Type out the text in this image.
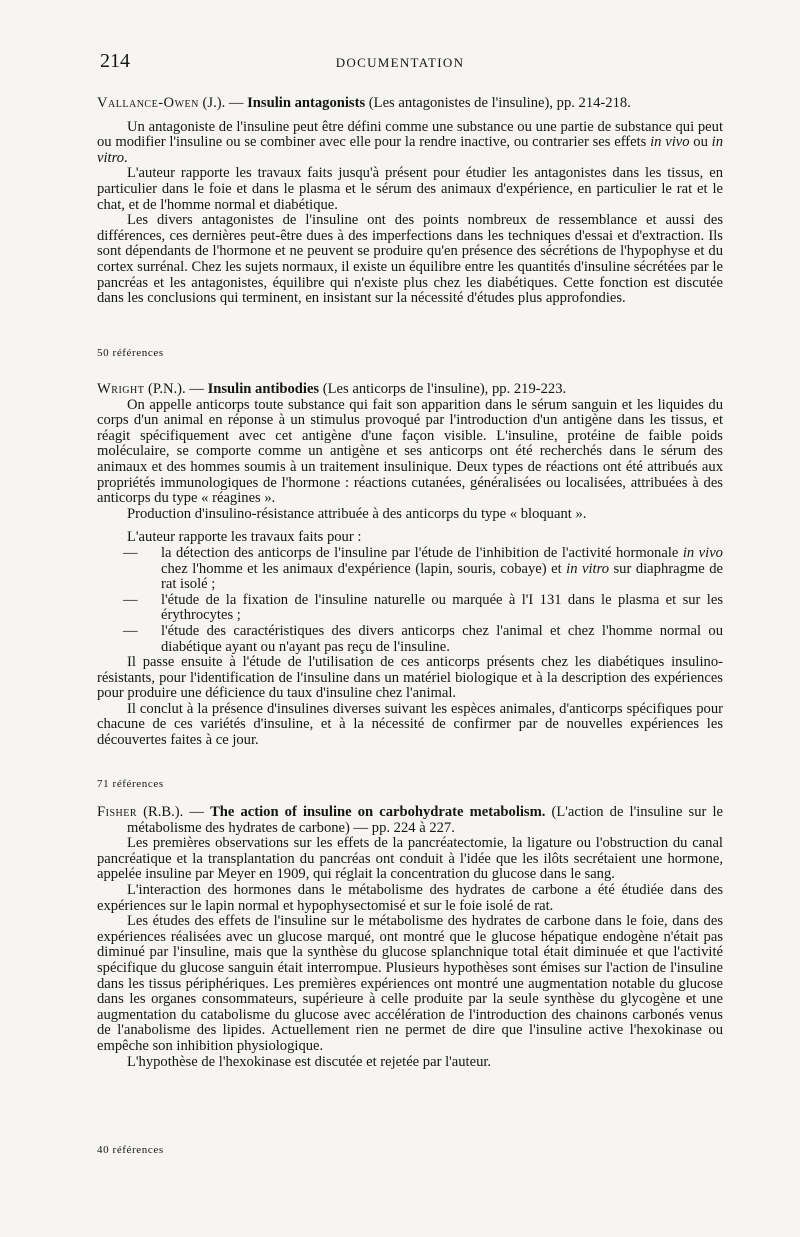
214	DOCUMENTATION

Vallance-Owen (J.). — Insulin antagonists (Les antagonistes de l'insuline), pp. 214-218.

Un antagoniste de l'insuline peut être défini comme une substance ou une partie de substance qui peut ou modifier l'insuline ou se combiner avec elle pour la rendre inactive, ou contrarier ses effets in vivo ou in vitro.

L'auteur rapporte les travaux faits jusqu'à présent pour étudier les antagonistes dans les tissus, en particulier dans le foie et dans le plasma et le sérum des animaux d'expérience, en particulier le rat et le chat, et de l'homme normal et diabétique.

Les divers antagonistes de l'insuline ont des points nombreux de ressemblance et aussi des différences, ces dernières peut-être dues à des imperfections dans les techniques d'essai et d'extraction. Ils sont dépendants de l'hormone et ne peuvent se produire qu'en présence des sécrétions de l'hypophyse et du cortex surrénal. Chez les sujets normaux, il existe un équilibre entre les quantités d'insuline sécrétées par le pancréas et les antagonistes, équilibre qui n'existe plus chez les diabétiques. Cette fonction est discutée dans les conclusions qui terminent, en insistant sur la nécessité d'études plus approfondies.

50 références

Wright (P.N.). — Insulin antibodies (Les anticorps de l'insuline), pp. 219-223.

On appelle anticorps toute substance qui fait son apparition dans le sérum sanguin et les liquides du corps d'un animal en réponse à un stimulus provoqué par l'introduction d'un antigène dans les tissus, et réagit spécifiquement avec cet antigène d'une façon visible. L'insuline, protéine de faible poids moléculaire, se comporte comme un antigène et ses anticorps ont été recherchés dans le sérum des animaux et des hommes soumis à un traitement insulinique. Deux types de réactions ont été attribués aux propriétés immunologiques de l'hormone : réactions cutanées, généralisées ou localisées, attribuées à des anticorps du type « réagines ».

Production d'insulino-résistance attribuée à des anticorps du type « bloquant ».

L'auteur rapporte les travaux faits pour :

— la détection des anticorps de l'insuline par l'étude de l'inhibition de l'activité hormonale in vivo chez l'homme et les animaux d'expérience (lapin, souris, cobaye) et in vitro sur diaphragme de rat isolé ;
— l'étude de la fixation de l'insuline naturelle ou marquée à l'I 131 dans le plasma et sur les érythrocytes ;
— l'étude des caractéristiques des divers anticorps chez l'animal et chez l'homme normal ou diabétique ayant ou n'ayant pas reçu de l'insuline.

Il passe ensuite à l'étude de l'utilisation de ces anticorps présents chez les diabétiques insulino-résistants, pour l'identification de l'insuline dans un matériel biologique et à la description des expériences pour produire une déficience du taux d'insuline chez l'animal.

Il conclut à la présence d'insulines diverses suivant les espèces animales, d'anticorps spécifiques pour chacune de ces variétés d'insuline, et à la nécessité de confirmer par de nouvelles expériences les découvertes faites à ce jour.

71 références

Fisher (R.B.). — The action of insuline on carbohydrate metabolism. (L'action de l'insuline sur le métabolisme des hydrates de carbone) — pp. 224 à 227.

Les premières observations sur les effets de la pancréatectomie, la ligature ou l'obstruction du canal pancréatique et la transplantation du pancréas ont conduit à l'idée que les ilôts secrétaient une hormone, appelée insuline par Meyer en 1909, qui réglait la concentration du glucose dans le sang.

L'interaction des hormones dans le métabolisme des hydrates de carbone a été étudiée dans des expériences sur le lapin normal et hypophysectomisé et sur le foie isolé de rat.

Les études des effets de l'insuline sur le métabolisme des hydrates de carbone dans le foie, dans des expériences réalisées avec un glucose marqué, ont montré que le glucose hépatique endogène n'était pas diminué par l'insuline, mais que la synthèse du glucose splanchnique total était diminuée et que l'activité spécifique du glucose sanguin était interrompue. Plusieurs hypothèses sont émises sur l'action de l'insuline dans les tissus périphériques. Les premières expériences ont montré une augmentation notable du glucose dans les organes consommateurs, supérieure à celle produite par la seule synthèse du glycogène et une augmentation du catabolisme du glucose avec accélération de l'introduction des chainons carbonés venus de l'anabolisme des lipides. Actuellement rien ne permet de dire que l'insuline active l'hexokinase ou empêche son inhibition physiologique.

L'hypothèse de l'hexokinase est discutée et rejetée par l'auteur.

40 références
